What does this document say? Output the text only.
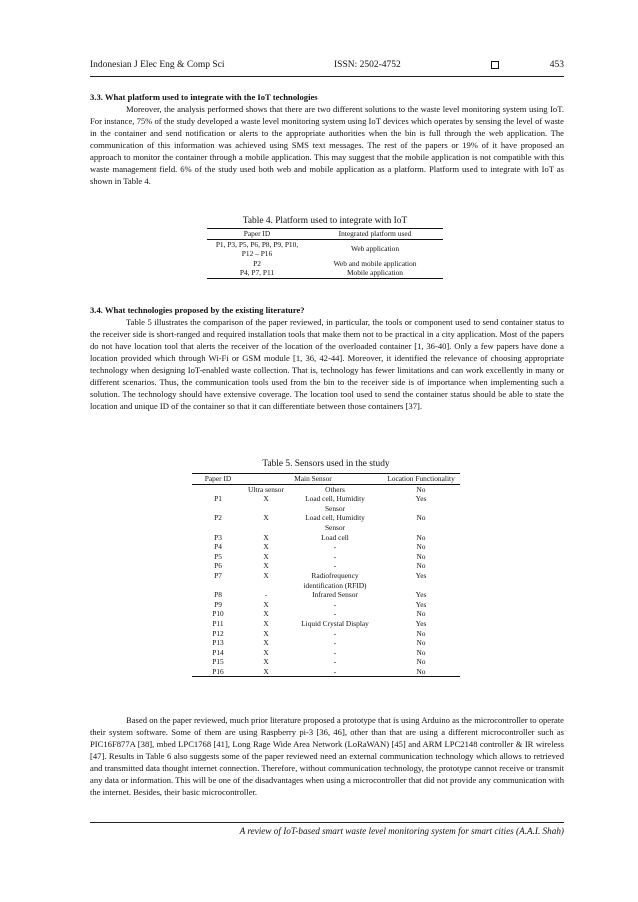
Indonesian J Elec Eng & Comp Sci	ISSN: 2502-4752	453
3.3. What platform used to integrate with the IoT technologies

Moreover, the analysis performed shows that there are two different solutions to the waste level monitoring system using IoT. For instance, 75% of the study developed a waste level monitoring system using IoT devices which operates by sensing the level of waste in the container and send notification or alerts to the appropriate authorities when the bin is full through the web application. The communication of this information was achieved using SMS text messages. The rest of the papers or 19% of it have proposed an approach to monitor the container through a mobile application. This may suggest that the mobile application is not compatible with this waste management field. 6% of the study used both web and mobile application as a platform. Platform used to integrate with IoT as shown in Table 4.

Table 4. Platform used to integrate with IoT
Paper ID	Integrated platform used
P1, P3, P5, P6, P8, P9, P10, P12 – P16	Web application
P2	Web and mobile application
P4, P7, P11	Mobile application
3.4. What technologies proposed by the existing literature?

Table 5 illustrates the comparison of the paper reviewed, in particular, the tools or component used to send container status to the receiver side is short-ranged and required installation tools that make them not to be practical in a city application. Most of the papers do not have location tool that alerts the receiver of the location of the overloaded container [1, 36-40]. Only a few papers have done a location provided which through Wi-Fi or GSM module [1, 36, 42-44]. Moreover, it identified the relevance of choosing appropriate technology when designing IoT-enabled waste collection. That is, technology has fewer limitations and can work excellently in many or different scenarios. Thus, the communication tools used from the bin to the receiver side is of importance when implementing such a solution. The technology should have extensive coverage. The location tool used to send the container status should be able to state the location and unique ID of the container so that it can differentiate between those containers [37].

Table 5. Sensors used in the study
Paper ID	Main Sensor		Location Functionality
	Ultra sensor	Others	No
P1	X	Load cell, Humidity Sensor	Yes
P2	X	Load cell, Humidity Sensor	No
P3	X	Load cell	No
P4	X	-	No
P5	X	-	No
P6	X	-	No
P7	X	Radiofrequency identification (RFID)	Yes
P8	-	Infrared Sensor	Yes
P9	X	-	Yes
P10	X	-	No
P11	X	Liquid Crystal Display	Yes
P12	X	-	No
P13	X	-	No
P14	X	-	No
P15	X	-	No
P16	X	-	No

Based on the paper reviewed, much prior literature proposed a prototype that is using Arduino as the microcontroller to operate their system software. Some of them are using Raspberry pi-3 [36, 46], other than that are using a different microcontroller such as PIC16F877A [38], mbed LPC1768 [41], Long Rage Wide Area Network (LoRaWAN) [45] and ARM LPC2148 controller & IR wireless [47]. Results in Table 6 also suggests some of the paper reviewed need an external communication technology which allows to retrieved and transmitted data thought internet connection. Therefore, without communication technology, the prototype cannot receive or transmit any data or information. This will be one of the disadvantages when using a microcontroller that did not provide any communication with the internet. Besides, their basic microcontroller.

A review of IoT-based smart waste level monitoring system for smart cities (A.A.I. Shah)
